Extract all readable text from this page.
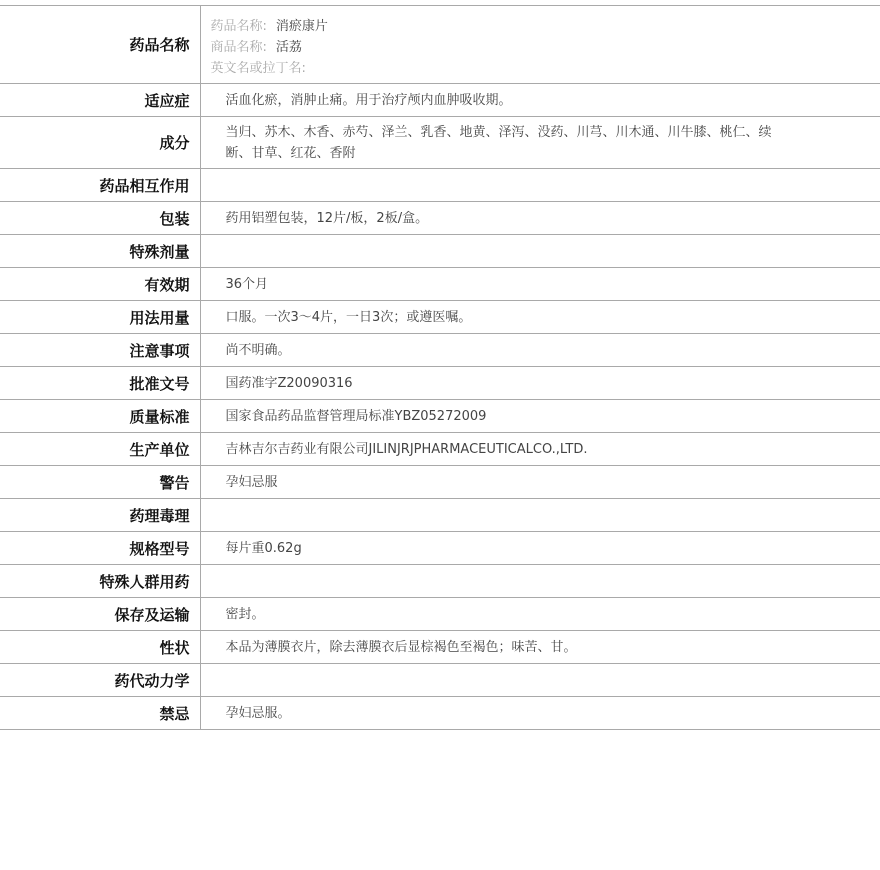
药品名称	药品名称: 消瘀康片
商品名称: 活荔
英文名或拉丁名:

适应症	活血化瘀，消肿止痛。用于治疗颅内血肿吸收期。
成分	当归、苏木、木香、赤芍、泽兰、乳香、地黄、泽泻、没药、川芎、川木通、川牛膝、桃仁、续断、甘草、红花、香附
药品相互作用	
包装	药用铝塑包装，12片/板，2板/盒。
特殊剂量	
有效期	36个月
用法用量	口服。一次3～4片，一日3次；或遵医嘱。
注意事项	尚不明确。
批准文号	国药准字Z20090316
质量标准	国家食品药品监督管理局标准YBZ05272009
生产单位	吉林吉尔吉药业有限公司JILINJRJPHARMACEUTICALCO.,LTD.
警告	孕妇忌服
药理毒理	
规格型号	每片重0.62g
特殊人群用药	
保存及运输	密封。
性状	本品为薄膜衣片，除去薄膜衣后显棕褐色至褐色；味苦、甘。
药代动力学	
禁忌	孕妇忌服。
